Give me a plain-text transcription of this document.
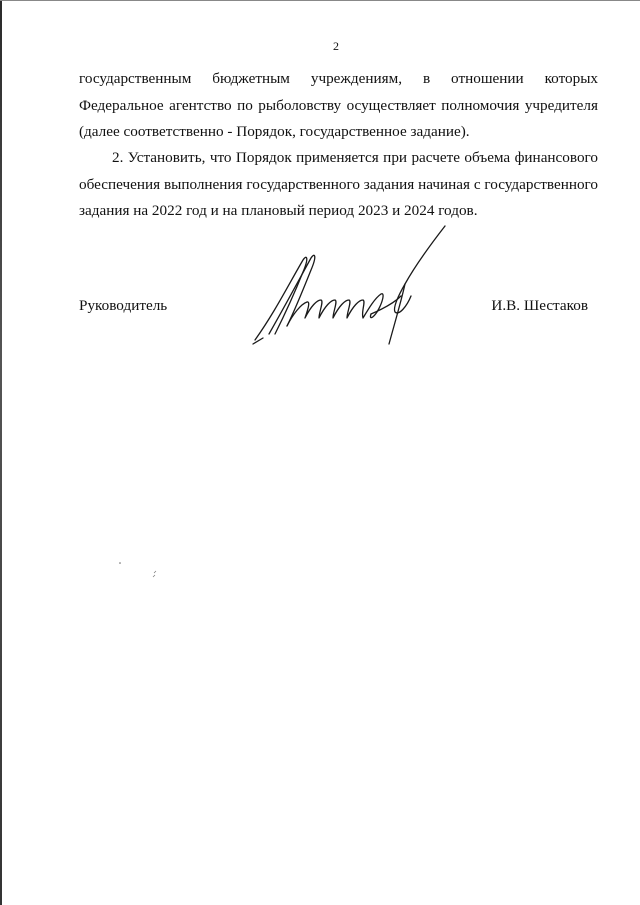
2
государственным бюджетным учреждениям, в отношении которых
Федеральное агентство по рыболовству осуществляет полномочия учредителя
(далее соответственно - Порядок, государственное задание).
2. Установить, что Порядок применяется при расчете объема финансового
обеспечения выполнения государственного задания начиная с государственного
задания на 2022 год и на плановый период 2023 и 2024 годов.
Руководитель	И.В. Шестаков
